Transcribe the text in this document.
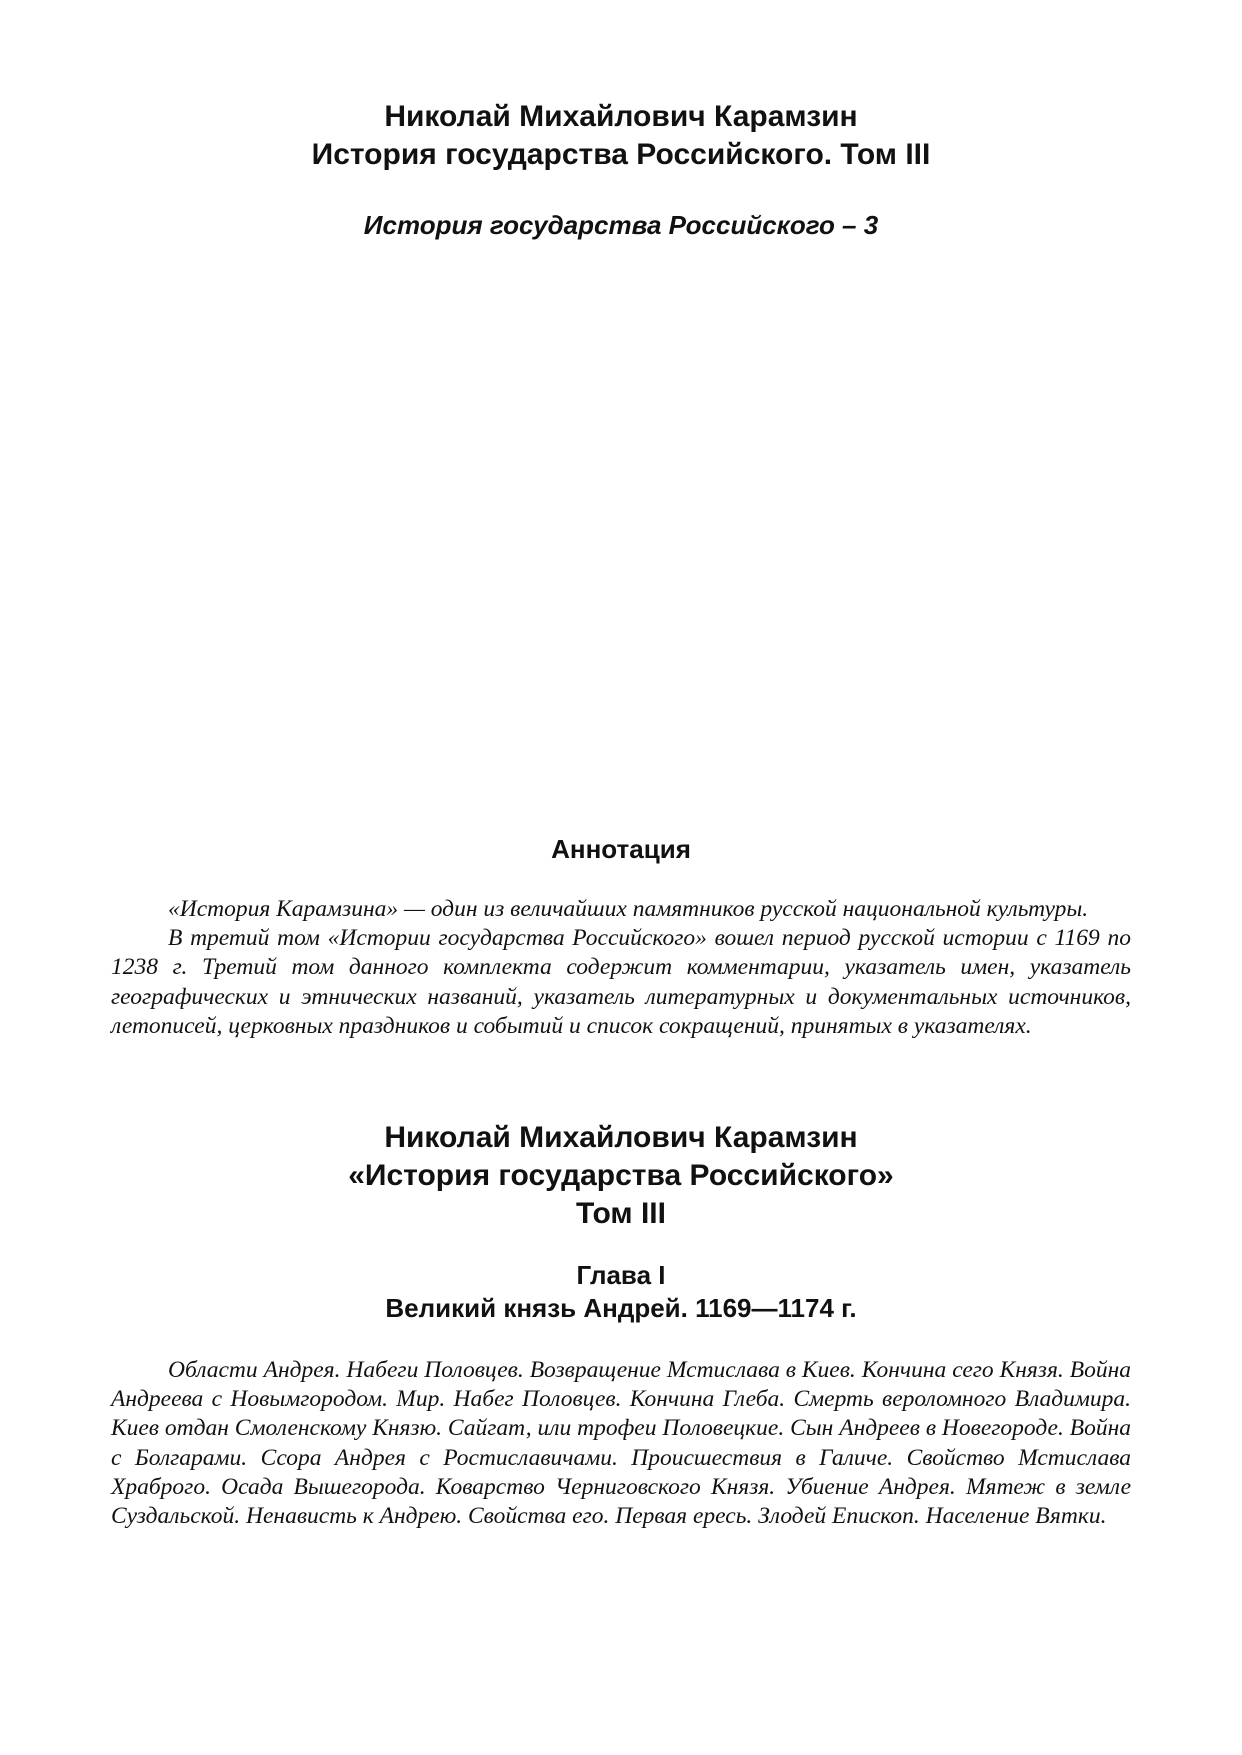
Николай Михайлович Карамзин
История государства Российского. Том III
История государства Российского – 3
Аннотация

«История Карамзина» — один из величайших памятников русской национальной культуры.

В третий том «Истории государства Российского» вошел период русской истории с 1169 по 1238 г. Третий том данного комплекта содержит комментарии, указатель имен, указатель географических и этнических названий, указатель литературных и документальных источников, летописей, церковных праздников и событий и список сокращений, принятых в указателях.

Николай Михайлович Карамзин
«История государства Российского»
Том III
Глава I
Великий князь Андрей. 1169—1174 г.

Области Андрея. Набеги Половцев. Возвращение Мстислава в Киев. Кончина сего Князя. Война Андреева с Новымгородом. Мир. Набег Половцев. Кончина Глеба. Смерть вероломного Владимира. Киев отдан Смоленскому Князю. Сайгат, или трофеи Половецкие. Сын Андреев в Новегороде. Война с Болгарами. Ссора Андрея с Ростиславичами. Происшествия в Галиче. Свойство Мстислава Храброго. Осада Вышегорода. Коварство Черниговского Князя. Убиение Андрея. Мятеж в земле Суздальской. Ненависть к Андрею. Свойства его. Первая ересь. Злодей Епископ. Население Вятки.
